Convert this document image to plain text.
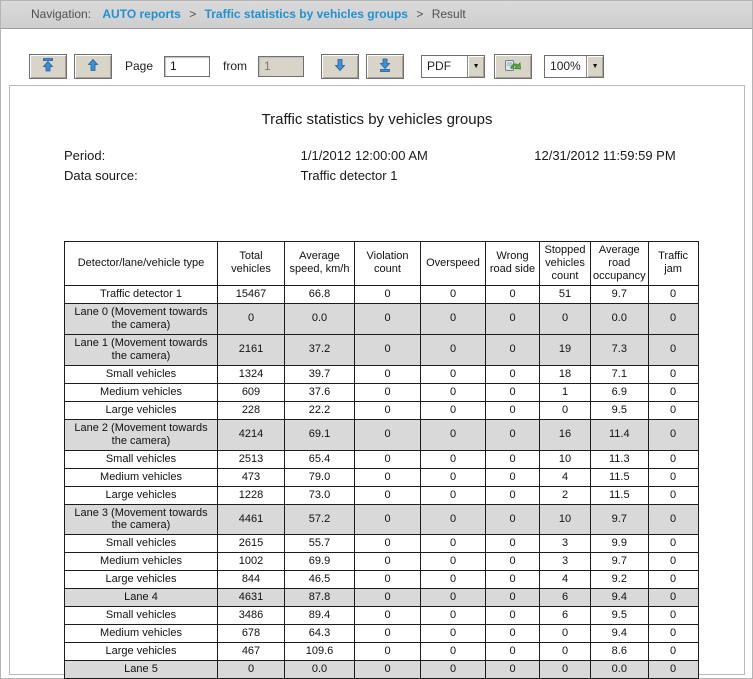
Navigation: AUTO reports > Traffic statistics by vehicles groups > Result
Page
1	from
1	PDF	▼	100%	▼
Traffic statistics by vehicles groups
Period:	1/1/2012 12:00:00 AM	12/31/2012 11:59:59 PM
Data source:	Traffic detector 1
Detector/lane/vehicle type	Total vehicles	Average speed, km/h	Violation count	Overspeed	Wrong road side	Stopped vehicles count	Average road occupancy	Traffic jam
Traffic detector 1	15467	66.8	0	0	0	51	9.7	0
Lane 0 (Movement towards the camera)	0	0.0	0	0	0	0	0.0	0
Lane 1 (Movement towards the camera)	2161	37.2	0	0	0	19	7.3	0
Small vehicles	1324	39.7	0	0	0	18	7.1	0
Medium vehicles	609	37.6	0	0	0	1	6.9	0
Large vehicles	228	22.2	0	0	0	0	9.5	0
Lane 2 (Movement towards the camera)	4214	69.1	0	0	0	16	11.4	0
Small vehicles	2513	65.4	0	0	0	10	11.3	0
Medium vehicles	473	79.0	0	0	0	4	11.5	0
Large vehicles	1228	73.0	0	0	0	2	11.5	0
Lane 3 (Movement towards the camera)	4461	57.2	0	0	0	10	9.7	0
Small vehicles	2615	55.7	0	0	0	3	9.9	0
Medium vehicles	1002	69.9	0	0	0	3	9.7	0
Large vehicles	844	46.5	0	0	0	4	9.2	0
Lane 4	4631	87.8	0	0	0	6	9.4	0
Small vehicles	3486	89.4	0	0	0	6	9.5	0
Medium vehicles	678	64.3	0	0	0	0	9.4	0
Large vehicles	467	109.6	0	0	0	0	8.6	0
Lane 5	0	0.0	0	0	0	0	0.0	0
